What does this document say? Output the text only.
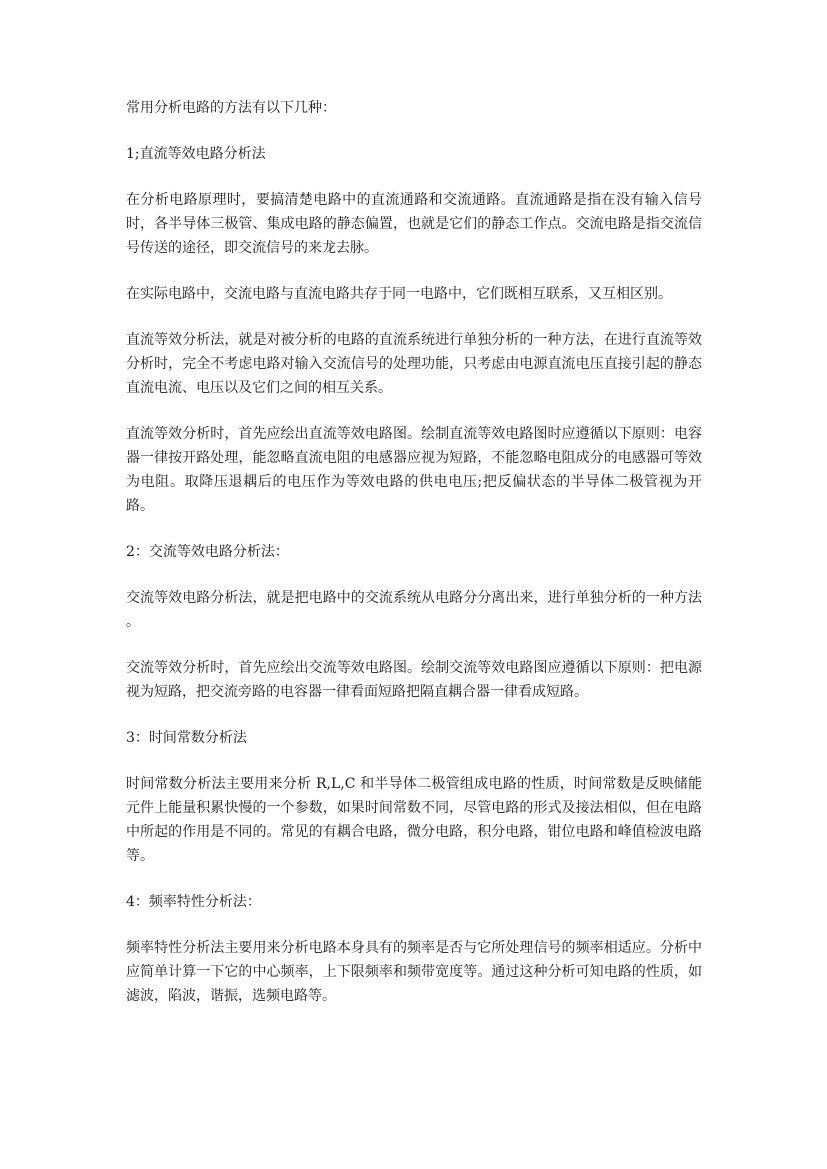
常用分析电路的方法有以下几种：

1;直流等效电路分析法

在分析电路原理时，要搞清楚电路中的直流通路和交流通路。直流通路是指在没有输入信号时，各半导体三极管、集成电路的静态偏置，也就是它们的静态工作点。交流电路是指交流信号传送的途径，即交流信号的来龙去脉。

在实际电路中，交流电路与直流电路共存于同一电路中，它们既相互联系，又互相区别。

直流等效分析法，就是对被分析的电路的直流系统进行单独分析的一种方法，在进行直流等效分析时，完全不考虑电路对输入交流信号的处理功能，只考虑由电源直流电压直接引起的静态直流电流、电压以及它们之间的相互关系。

直流等效分析时，首先应绘出直流等效电路图。绘制直流等效电路图时应遵循以下原则：电容器一律按开路处理，能忽略直流电阻的电感器应视为短路，不能忽略电阻成分的电感器可等效为电阻。取降压退耦后的电压作为等效电路的供电电压;把反偏状态的半导体二极管视为开路。

2：交流等效电路分析法：

交流等效电路分析法，就是把电路中的交流系统从电路分分离出来，进行单独分析的一种方法 。

交流等效分析时，首先应绘出交流等效电路图。绘制交流等效电路图应遵循以下原则：把电源视为短路，把交流旁路的电容器一律看面短路把隔直耦合器一律看成短路。

3：时间常数分析法

时间常数分析法主要用来分析 R,L,C 和半导体二极管组成电路的性质，时间常数是反映储能元件上能量积累快慢的一个参数，如果时间常数不同，尽管电路的形式及接法相似，但在电路中所起的作用是不同的。常见的有耦合电路，微分电路，积分电路，钳位电路和峰值检波电路等。

4：频率特性分析法：

频率特性分析法主要用来分析电路本身具有的频率是否与它所处理信号的频率相适应。分析中应简单计算一下它的中心频率，上下限频率和频带宽度等。通过这种分析可知电路的性质，如滤波，陷波，谐振，选频电路等。
